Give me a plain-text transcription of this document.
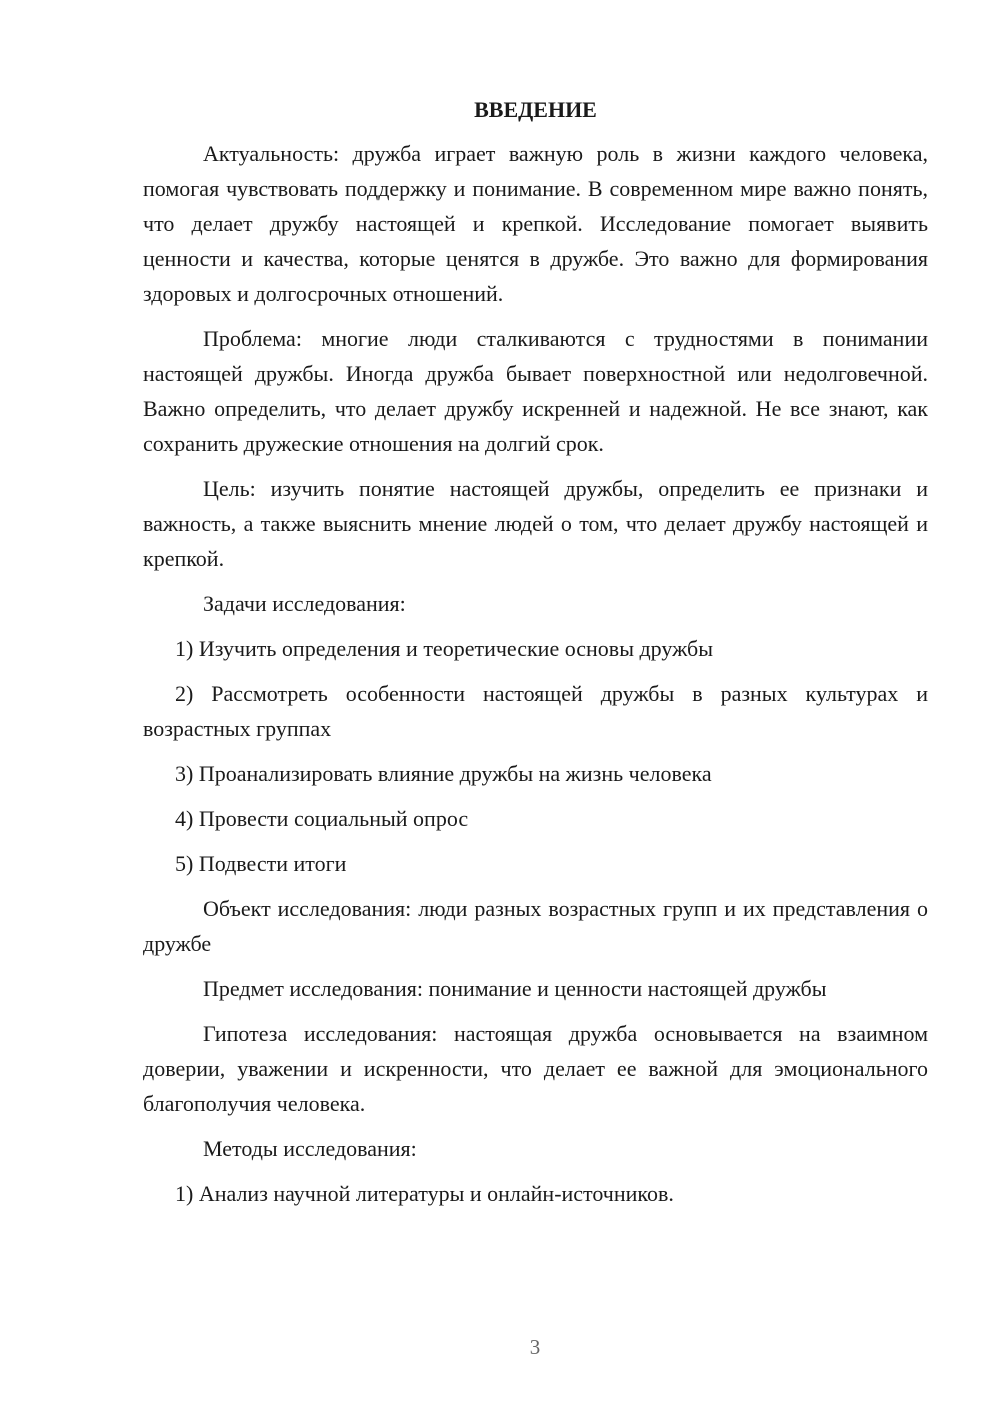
ВВЕДЕНИЕ

Актуальность: дружба играет важную роль в жизни каждого человека, помогая чувствовать поддержку и понимание. В современном мире важно понять, что делает дружбу настоящей и крепкой. Исследование помогает выявить ценности и качества, которые ценятся в дружбе. Это важно для формирования здоровых и долгосрочных отношений.

Проблема: многие люди сталкиваются с трудностями в понимании настоящей дружбы. Иногда дружба бывает поверхностной или недолговечной. Важно определить, что делает дружбу искренней и надежной. Не все знают, как сохранить дружеские отношения на долгий срок.

Цель: изучить понятие настоящей дружбы, определить ее признаки и важность, а также выяснить мнение людей о том, что делает дружбу настоящей и крепкой.

Задачи исследования:

1) Изучить определения и теоретические основы дружбы

2) Рассмотреть особенности настоящей дружбы в разных культурах и возрастных группах

3) Проанализировать влияние дружбы на жизнь человека

4) Провести социальный опрос

5) Подвести итоги

Объект исследования: люди разных возрастных групп и их представления о дружбе

Предмет исследования: понимание и ценности настоящей дружбы

Гипотеза исследования: настоящая дружба основывается на взаимном доверии, уважении и искренности, что делает ее важной для эмоционального благополучия человека.

Методы исследования:

1) Анализ научной литературы и онлайн-источников.

3
